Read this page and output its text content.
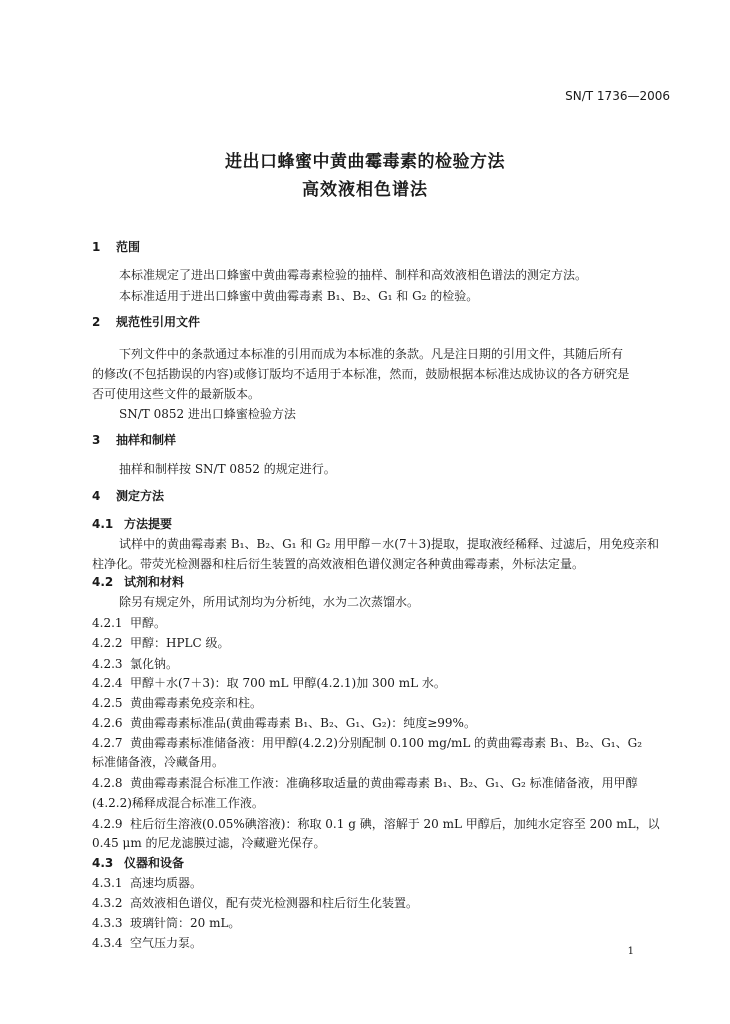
SN/T 1736—2006
进出口蜂蜜中黄曲霉毒素的检验方法
高效液相色谱法
1 范围
本标准规定了进出口蜂蜜中黄曲霉毒素检验的抽样、制样和高效液相色谱法的测定方法。
本标准适用于进出口蜂蜜中黄曲霉毒素 B₁、B₂、G₁ 和 G₂ 的检验。
2 规范性引用文件
下列文件中的条款通过本标准的引用而成为本标准的条款。凡是注日期的引用文件，其随后所有
的修改(不包括勘误的内容)或修订版均不适用于本标准，然而，鼓励根据本标准达成协议的各方研究是
否可使用这些文件的最新版本。
SN/T 0852 进出口蜂蜜检验方法
3 抽样和制样
抽样和制样按 SN/T 0852 的规定进行。
4 测定方法
4.1 方法提要
试样中的黄曲霉毒素 B₁、B₂、G₁ 和 G₂ 用甲醇－水(7＋3)提取，提取液经稀释、过滤后，用免疫亲和
柱净化。带荧光检测器和柱后衍生装置的高效液相色谱仪测定各种黄曲霉毒素，外标法定量。
4.2 试剂和材料
除另有规定外，所用试剂均为分析纯，水为二次蒸馏水。
4.2.1 甲醇。
4.2.2 甲醇：HPLC 级。
4.2.3 氯化钠。
4.2.4 甲醇＋水(7＋3)：取 700 mL 甲醇(4.2.1)加 300 mL 水。
4.2.5 黄曲霉毒素免疫亲和柱。
4.2.6 黄曲霉毒素标准品(黄曲霉毒素 B₁、B₂、G₁、G₂)：纯度≥99%。
4.2.7 黄曲霉毒素标准储备液：用甲醇(4.2.2)分别配制 0.100 mg/mL 的黄曲霉毒素 B₁、B₂、G₁、G₂
标准储备液，冷藏备用。
4.2.8 黄曲霉毒素混合标准工作液：准确移取适量的黄曲霉毒素 B₁、B₂、G₁、G₂ 标准储备液，用甲醇
(4.2.2)稀释成混合标准工作液。
4.2.9 柱后衍生溶液(0.05%碘溶液)：称取 0.1 g 碘，溶解于 20 mL 甲醇后，加纯水定容至 200 mL，以
0.45 μm 的尼龙滤膜过滤，冷藏避光保存。
4.3 仪器和设备
4.3.1 高速均质器。
4.3.2 高效液相色谱仪，配有荧光检测器和柱后衍生化装置。
4.3.3 玻璃针筒：20 mL。
4.3.4 空气压力泵。
1
